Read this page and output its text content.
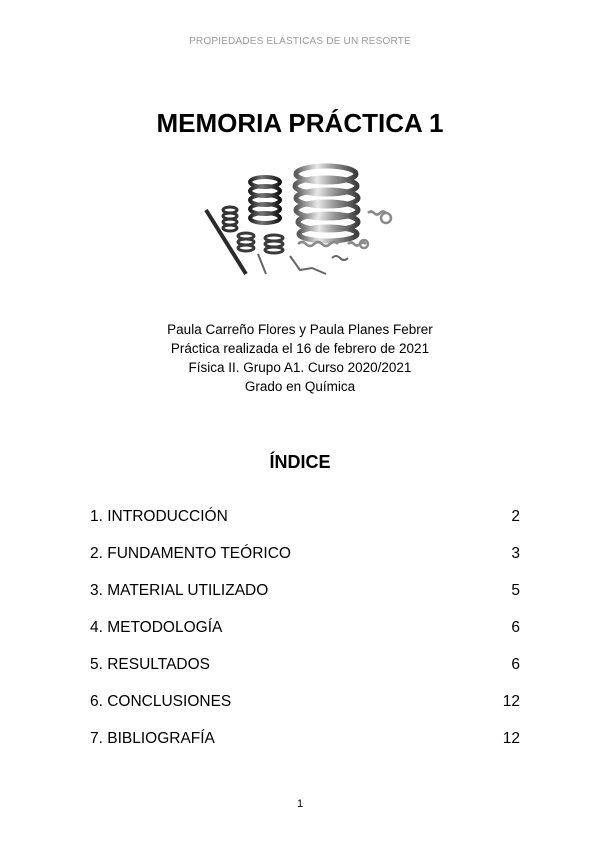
PROPIEDADES ELÁSTICAS DE UN RESORTE
MEMORIA PRÁCTICA 1
Paula Carreño Flores y Paula Planes Febrer
Práctica realizada el 16 de febrero de 2021
Física II. Grupo A1. Curso 2020/2021
Grado en Química
ÍNDICE
1. INTRODUCCIÓN	2
2. FUNDAMENTO TEÓRICO	3
3. MATERIAL UTILIZADO	5
4. METODOLOGÍA	6
5. RESULTADOS	6
6. CONCLUSIONES	12
7. BIBLIOGRAFÍA	12
1
